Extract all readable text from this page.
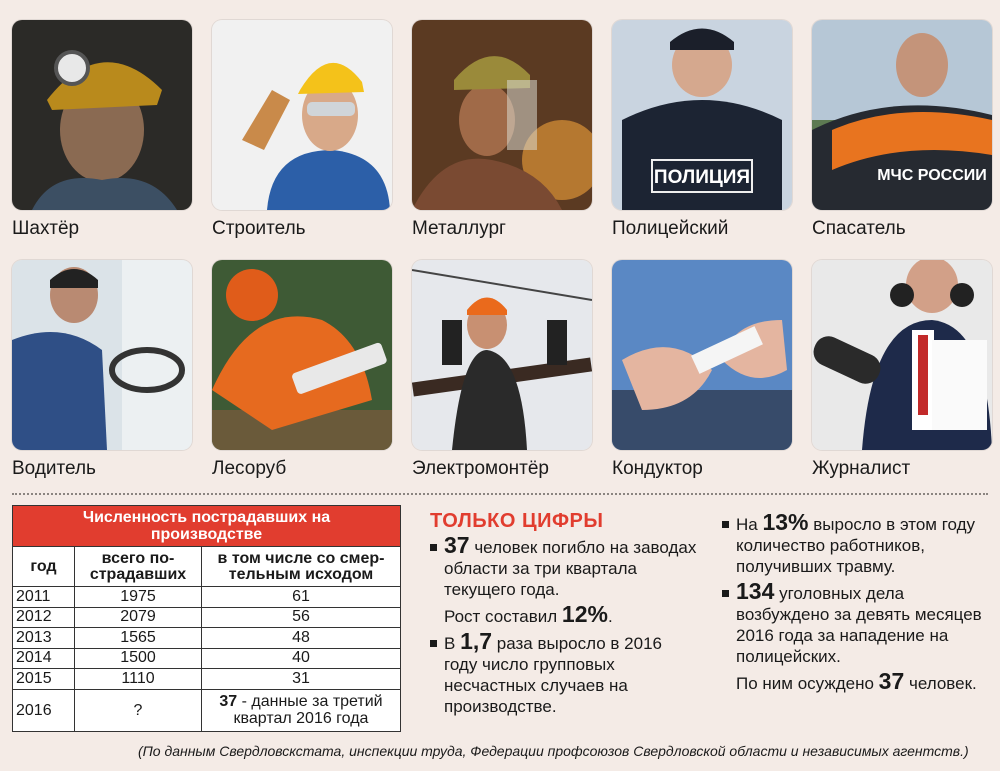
Шахтёр	Строитель	Металлург
ПОЛИЦИЯ
Полицейский
МЧС РОССИИ
Спасатель
Водитель	Лесоруб	Электромонтёр	Кондуктор	Журналист
Численность пострадавших на производстве		
год	всего по-страдавших	в том числе со смер-тельным исходом
2011	1975	61
2012	2079	56
2013	1565	48
2014	1500	40
2015	1110	31
2016	?	37 - данные за третий квартал 2016 года
ТОЛЬКО ЦИФРЫ
37 человек погибло на заводах области за три квартала текущего года.
Рост составил 12%.
В 1,7 раза выросло в 2016 году число групповых несчастных случаев на производстве.
На 13% выросло в этом году количество работников, получивших травму.
134 уголовных дела возбуждено за девять месяцев 2016 года за нападение на полицейских.
По ним осуждено 37 человек.
(По данным Свердловскстата, инспекции труда, Федерации профсоюзов Свердловской области и независимых агентств.)
